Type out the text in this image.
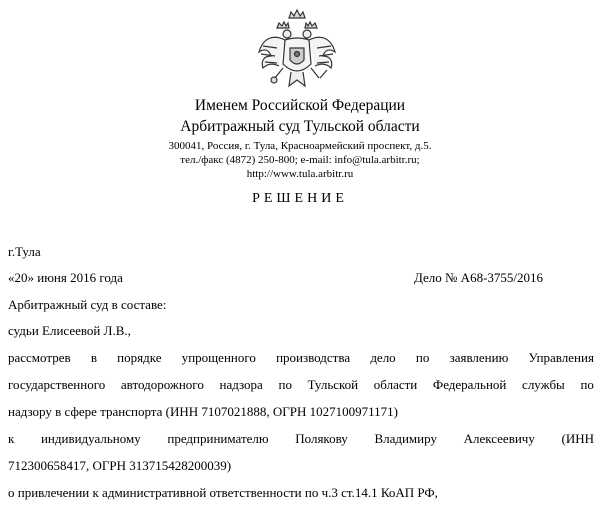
Именем Российской Федерации
Арбитражный суд Тульской области
300041, Россия, г. Тула, Красноармейский проспект, д.5.
тел./факс (4872) 250-800; e-mail: info@tula.arbitr.ru;
http://www.tula.arbitr.ru
РЕШЕНИЕ
г.Тула
«20» июня 2016 года	Дело № А68-3755/2016
Арбитражный суд в составе:
судьи Елисеевой Л.В.,
рассмотрев в порядке упрощенного производства дело по заявлению Управления
государственного автодорожного надзора по Тульской области Федеральной службы по
надзору в сфере транспорта (ИНН 7107021888, ОГРН 1027100971171)
к индивидуальному предпринимателю Полякову Владимиру Алексеевичу (ИНН
712300658417, ОГРН 313715428200039)
о привлечении к административной ответственности по ч.3 ст.14.1 КоАП РФ,
